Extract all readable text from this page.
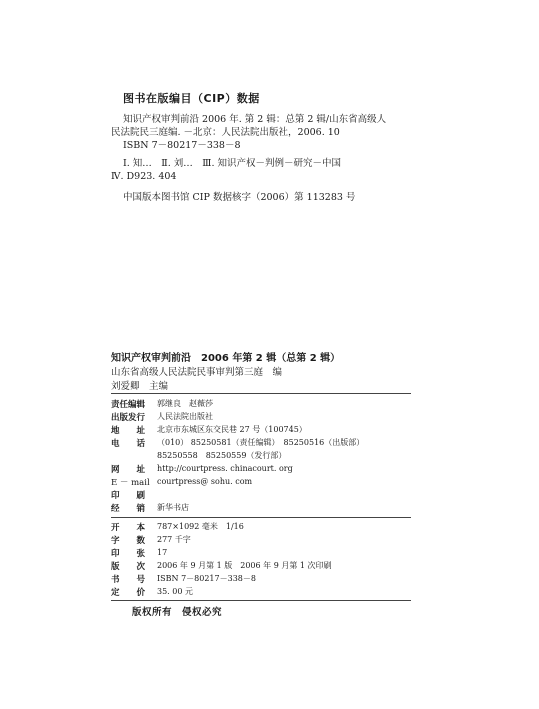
图书在版编目（CIP）数据
知识产权审判前沿 2006 年. 第 2 辑：总第 2 辑/山东省高级人
民法院民三庭编. －北京：人民法院出版社，2006. 10
ISBN 7－80217－338－8
Ⅰ. 知…　Ⅱ. 刘…　Ⅲ. 知识产权－判例－研究－中国
Ⅳ. D923. 404
中国版本图书馆 CIP 数据核字（2006）第 113283 号
知识产权审判前沿　2006 年第 2 辑（总第 2 辑）
山东省高级人民法院民事审判第三庭　编
刘爱卿　主编
责任编辑	郭继良　赵薇莎
出版发行	人民法院出版社
地　　址	北京市东城区东交民巷 27 号（100745）
电　　话	（010） 85250581（责任编辑）　85250516（出版部）
85250558　85250559（发行部）
网　　址	http://courtpress. chinacourt. org
E － mail courtpress@ sohu. com
印　　刷
经　　销	新华书店
开　　本	787×1092 毫米　1/16
字　　数	277 千字
印　　张	17
版　　次	2006 年 9 月第 1 版　2006 年 9 月第 1 次印刷
书　　号	ISBN 7－80217－338－8
定　　价	35. 00 元
版权所有　侵权必究
